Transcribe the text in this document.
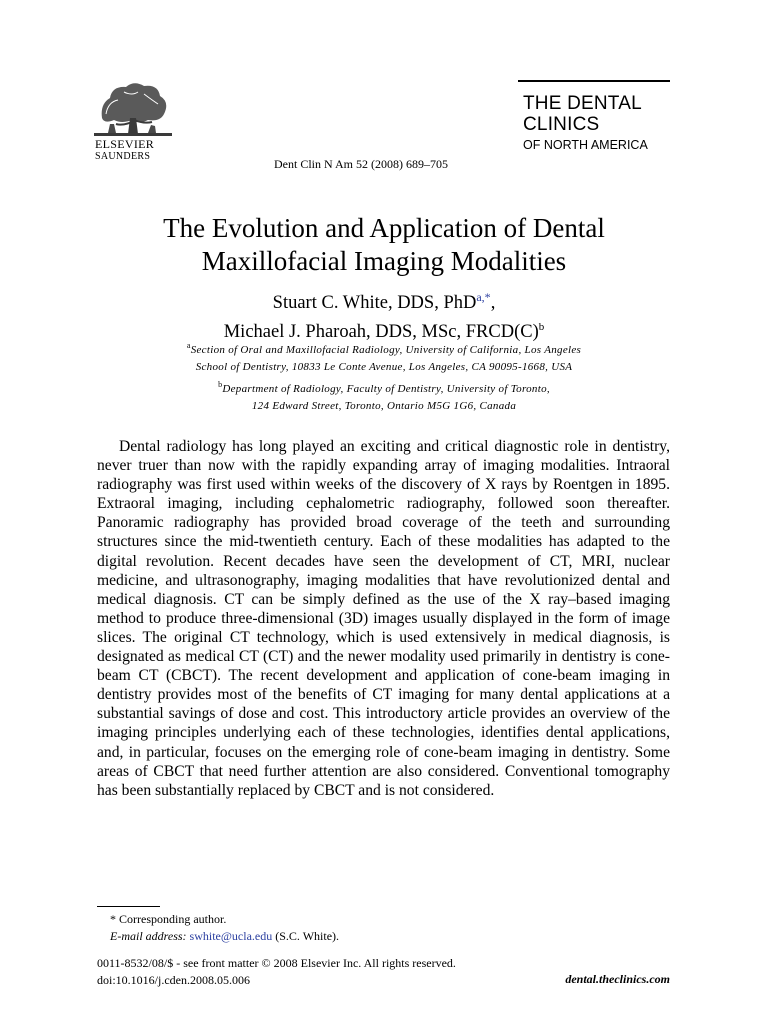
ELSEVIER
SAUNDERS
Dent Clin N Am 52 (2008) 689–705
THE DENTAL
CLINICS
OF NORTH AMERICA
The Evolution and Application of Dental
Maxillofacial Imaging Modalities
Stuart C. White, DDS, PhD$^{a,*}$,
Michael J. Pharoah, DDS, MSc, $FRCD(C)^b$
$^a$Section of Oral and Maxillofacial Radiology, University of California, Los Angeles
School of Dentistry, 10833 Le Conte Avenue, Los Angeles, CA 90095-1668, USA
$^b$Department of Radiology, Faculty of Dentistry, University of Toronto,
124 Edward Street, Toronto, Ontario M5G 1G6, Canada

Dental radiology has long played an exciting and critical diagnostic role in dentistry, never truer than now with the rapidly expanding array of imaging modalities. Intraoral radiography was first used within weeks of the discovery of X rays by Roentgen in 1895. Extraoral imaging, including cephalometric radiography, followed soon thereafter. Panoramic radiography has provided broad coverage of the teeth and surrounding structures since the mid-twentieth century. Each of these modalities has adapted to the digital revolution. Recent decades have seen the development of CT, MRI, nuclear medicine, and ultrasonography, imaging modalities that have revolutionized dental and medical diagnosis. CT can be simply defined as the use of the X ray–based imaging method to produce three-dimensional (3D) images usually displayed in the form of image slices. The original CT technology, which is used extensively in medical diagnosis, is designated as medical CT (CT) and the newer modality used primarily in dentistry is cone-beam CT (CBCT). The recent development and application of cone-beam imaging in dentistry provides most of the benefits of CT imaging for many dental applications at a substantial savings of dose and cost. This introductory article provides an overview of the imaging principles underlying each of these technologies, identifies dental applications, and, in particular, focuses on the emerging role of cone-beam imaging in dentistry. Some areas of CBCT that need further attention are also considered. Conventional tomography has been substantially replaced by CBCT and is not considered.

* Corresponding author.
E-mail address: swhite@ucla.edu (S.C. White).
0011-8532/08/$ - see front matter © 2008 Elsevier Inc. All rights reserved.
doi:10.1016/j.cden.2008.05.006	dental.theclinics.com
